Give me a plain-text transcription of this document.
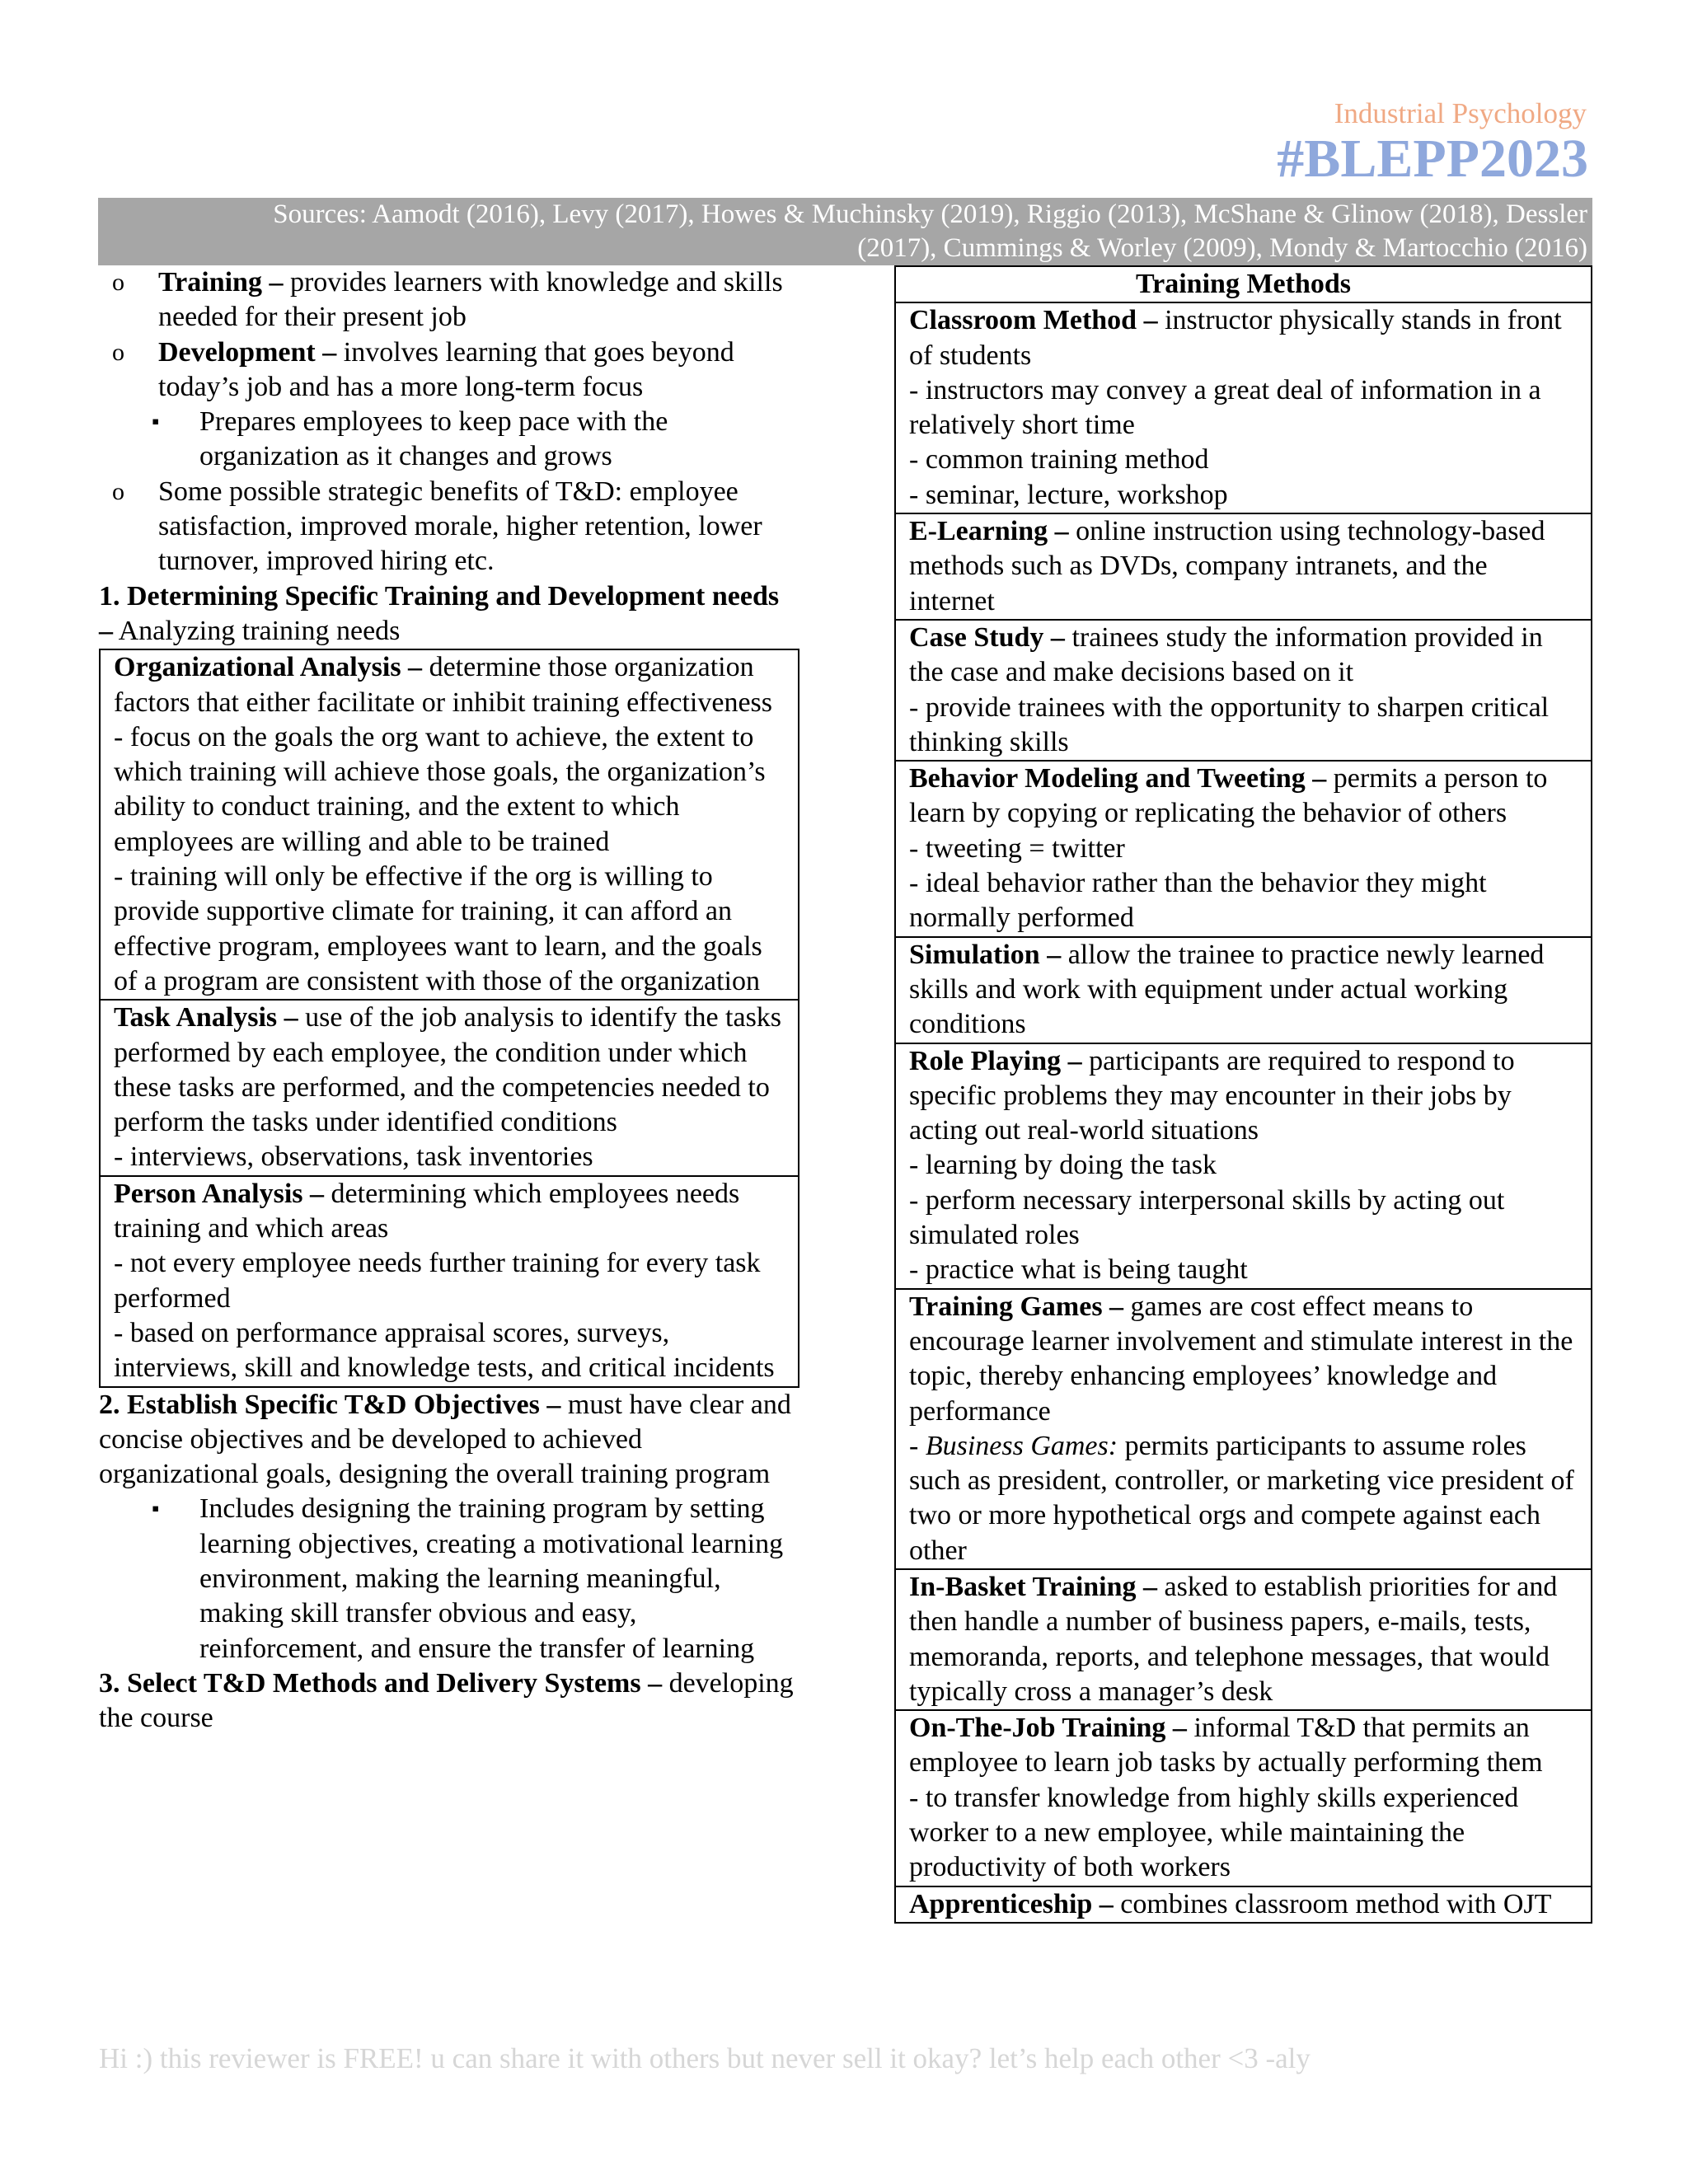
Industrial Psychology
#BLEPP2023
Sources: Aamodt (2016), Levy (2017), Howes & Muchinsky (2019), Riggio (2013), McShane & Glinow (2018), Dessler
(2017), Cummings & Worley (2009), Mondy & Martocchio (2016)
o Training – provides learners with knowledge and skills needed for their present job
o Development – involves learning that goes beyond today’s job and has a more long-term focus
▪ Prepares employees to keep pace with the organization as it changes and grows
o Some possible strategic benefits of T&D: employee satisfaction, improved morale, higher retention, lower turnover, improved hiring etc.

1. Determining Specific Training and Development needs – Analyzing training needs

Organizational Analysis – determine those organization factors that either facilitate or inhibit training effectiveness
- focus on the goals the org want to achieve, the extent to which training will achieve those goals, the organization’s ability to conduct training, and the extent to which employees are willing and able to be trained
- training will only be effective if the org is willing to provide supportive climate for training, it can afford an effective program, employees want to learn, and the goals of a program are consistent with those of the organization

Task Analysis – use of the job analysis to identify the tasks performed by each employee, the condition under which these tasks are performed, and the competencies needed to perform the tasks under identified conditions
- interviews, observations, task inventories

Person Analysis – determining which employees needs training and which areas
- not every employee needs further training for every task performed
- based on performance appraisal scores, surveys, interviews, skill and knowledge tests, and critical incidents

2. Establish Specific T&D Objectives – must have clear and concise objectives and be developed to achieved organizational goals, designing the overall training program

▪ Includes designing the training program by setting learning objectives, creating a motivational learning environment, making the learning meaningful, making skill transfer obvious and easy, reinforcement, and ensure the transfer of learning

3. Select T&D Methods and Delivery Systems – developing the course

Training Methods
Classroom Method – instructor physically stands in front of students
- instructors may convey a great deal of information in a relatively short time
- common training method
- seminar, lecture, workshop

E-Learning – online instruction using technology-based methods such as DVDs, company intranets, and the internet
Case Study – trainees study the information provided in the case and make decisions based on it
- provide trainees with the opportunity to sharpen critical thinking skills

Behavior Modeling and Tweeting – permits a person to learn by copying or replicating the behavior of others
- tweeting = twitter
- ideal behavior rather than the behavior they might normally performed

Simulation – allow the trainee to practice newly learned skills and work with equipment under actual working conditions
Role Playing – participants are required to respond to specific problems they may encounter in their jobs by acting out real-world situations
- learning by doing the task
- perform necessary interpersonal skills by acting out simulated roles
- practice what is being taught

Training Games – games are cost effect means to encourage learner involvement and stimulate interest in the topic, thereby enhancing employees’ knowledge and performance
- Business Games: permits participants to assume roles such as president, controller, or marketing vice president of two or more hypothetical orgs and compete against each other

In-Basket Training – asked to establish priorities for and then handle a number of business papers, e-mails, tests, memoranda, reports, and telephone messages, that would typically cross a manager’s desk
On-The-Job Training – informal T&D that permits an employee to learn job tasks by actually performing them
- to transfer knowledge from highly skills experienced worker to a new employee, while maintaining the productivity of both workers

Apprenticeship – combines classroom method with OJT
Hi :) this reviewer is FREE! u can share it with others but never sell it okay? let’s help each other <3 -aly
